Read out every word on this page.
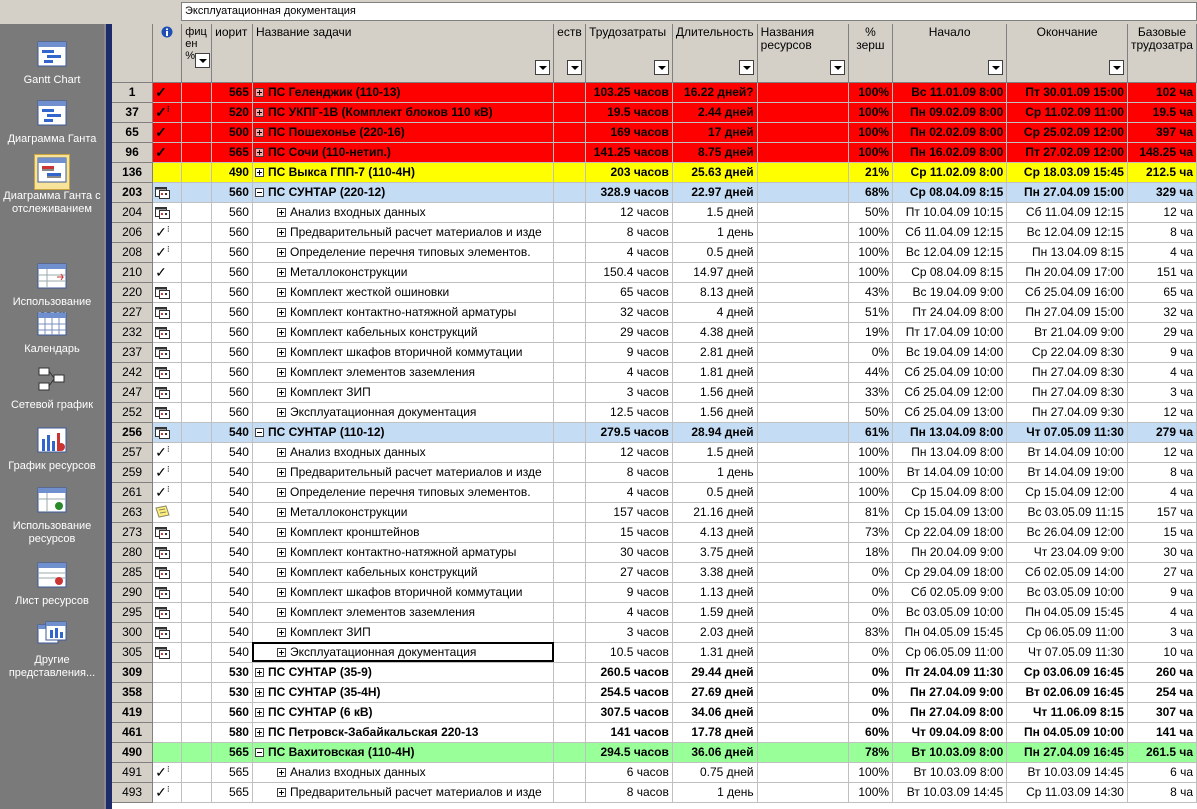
Эксплуатационная документация

Gantt Chart

Диаграмма Ганта

Диаграмма Ганта с отслеживанием

Использование

Календарь

Сетевой график

График ресурсов

Использование ресурсов

Лист ресурсов

Другие представления...

фиц
ен
%	иорит	Название задачи	еств	Трудозатраты	Длительность	Названия ресурсов	%
зерш	Начало	Окончание	Базовые трудозатра

1	✓		565	ПС Геленджик (110-13)		103.25 часов	16.22 дней?		100%	Вс 11.01.09 8:00	Пт 30.01.09 15:00	102 ча
37	✓⁝		520	ПС УКПГ-1В (Комплект блоков 110 кВ)		19.5 часов	2.44 дней		100%	Пн 09.02.09 8:00	Ср 11.02.09 11:00	19.5 ча
65	✓		500	ПС Пошехонье (220-16)		169 часов	17 дней		100%	Пн 02.02.09 8:00	Ср 25.02.09 12:00	397 ча
96	✓		565	ПС Сочи (110-нетип.)		141.25 часов	8.75 дней		100%	Пн 16.02.09 8:00	Пт 27.02.09 12:00	148.25 ча
136			490	ПС Выкса ГПП-7 (110-4Н)		203 часов	25.63 дней		21%	Ср 11.02.09 8:00	Ср 18.03.09 15:45	212.5 ча
203			560	ПС СУНТАР (220-12)		328.9 часов	22.97 дней		68%	Ср 08.04.09 8:15	Пн 27.04.09 15:00	329 ча
204			560	Анализ входных данных		12 часов	1.5 дней		50%	Пт 10.04.09 10:15	Сб 11.04.09 12:15	12 ча
206	✓⁝		560	Предварительный расчет материалов и изде		8 часов	1 день		100%	Сб 11.04.09 12:15	Вс 12.04.09 12:15	8 ча
208	✓⁝		560	Определение перечня типовых элементов.		4 часов	0.5 дней		100%	Вс 12.04.09 12:15	Пн 13.04.09 8:15	4 ча
210	✓		560	Металлоконструкции		150.4 часов	14.97 дней		100%	Ср 08.04.09 8:15	Пн 20.04.09 17:00	151 ча
220			560	Комплект жесткой ошиновки		65 часов	8.13 дней		43%	Вс 19.04.09 9:00	Сб 25.04.09 16:00	65 ча
227			560	Комплект контактно-натяжной арматуры		32 часов	4 дней		51%	Пт 24.04.09 8:00	Пн 27.04.09 15:00	32 ча
232			560	Комплект кабельных конструкций		29 часов	4.38 дней		19%	Пт 17.04.09 10:00	Вт 21.04.09 9:00	29 ча
237			560	Комплект шкафов вторичной коммутации		9 часов	2.81 дней		0%	Вс 19.04.09 14:00	Ср 22.04.09 8:30	9 ча
242			560	Комплект элементов заземления		4 часов	1.81 дней		44%	Сб 25.04.09 10:00	Пн 27.04.09 8:30	4 ча
247			560	Комплект ЗИП		3 часов	1.56 дней		33%	Сб 25.04.09 12:00	Пн 27.04.09 8:30	3 ча
252			560	Эксплуатационная документация		12.5 часов	1.56 дней		50%	Сб 25.04.09 13:00	Пн 27.04.09 9:30	12 ча
256			540	ПС СУНТАР (110-12)		279.5 часов	28.94 дней		61%	Пн 13.04.09 8:00	Чт 07.05.09 11:30	279 ча
257	✓⁝		540	Анализ входных данных		12 часов	1.5 дней		100%	Пн 13.04.09 8:00	Вт 14.04.09 10:00	12 ча
259	✓⁝		540	Предварительный расчет материалов и изде		8 часов	1 день		100%	Вт 14.04.09 10:00	Вт 14.04.09 19:00	8 ча
261	✓⁝		540	Определение перечня типовых элементов.		4 часов	0.5 дней		100%	Ср 15.04.09 8:00	Ср 15.04.09 12:00	4 ча
263			540	Металлоконструкции		157 часов	21.16 дней		81%	Ср 15.04.09 13:00	Вс 03.05.09 11:15	157 ча
273			540	Комплект кронштейнов		15 часов	4.13 дней		73%	Ср 22.04.09 18:00	Вс 26.04.09 12:00	15 ча
280			540	Комплект контактно-натяжной арматуры		30 часов	3.75 дней		18%	Пн 20.04.09 9:00	Чт 23.04.09 9:00	30 ча
285			540	Комплект кабельных конструкций		27 часов	3.38 дней		0%	Ср 29.04.09 18:00	Сб 02.05.09 14:00	27 ча
290			540	Комплект шкафов вторичной коммутации		9 часов	1.13 дней		0%	Сб 02.05.09 9:00	Вс 03.05.09 10:00	9 ча
295			540	Комплект элементов заземления		4 часов	1.59 дней		0%	Вс 03.05.09 10:00	Пн 04.05.09 15:45	4 ча
300			540	Комплект ЗИП		3 часов	2.03 дней		83%	Пн 04.05.09 15:45	Ср 06.05.09 11:00	3 ча
305			540	Эксплуатационная документация		10.5 часов	1.31 дней		0%	Ср 06.05.09 11:00	Чт 07.05.09 11:30	10 ча
309			530	ПС СУНТАР (35-9)		260.5 часов	29.44 дней		0%	Пт 24.04.09 11:30	Ср 03.06.09 16:45	260 ча
358			530	ПС СУНТАР (35-4Н)		254.5 часов	27.69 дней		0%	Пн 27.04.09 9:00	Вт 02.06.09 16:45	254 ча
419			560	ПС СУНТАР (6 кВ)		307.5 часов	34.06 дней		0%	Пн 27.04.09 8:00	Чт 11.06.09 8:15	307 ча
461			580	ПС Петровск-Забайкальская 220-13		141 часов	17.78 дней		60%	Чт 09.04.09 8:00	Пн 04.05.09 10:00	141 ча
490			565	ПС Вахитовская (110-4Н)		294.5 часов	36.06 дней		78%	Вт 10.03.09 8:00	Пн 27.04.09 16:45	261.5 ча
491	✓⁝		565	Анализ входных данных		6 часов	0.75 дней		100%	Вт 10.03.09 8:00	Вт 10.03.09 14:45	6 ча
493	✓⁝		565	Предварительный расчет материалов и изде		8 часов	1 день		100%	Вт 10.03.09 14:45	Ср 11.03.09 14:30	8 ча
